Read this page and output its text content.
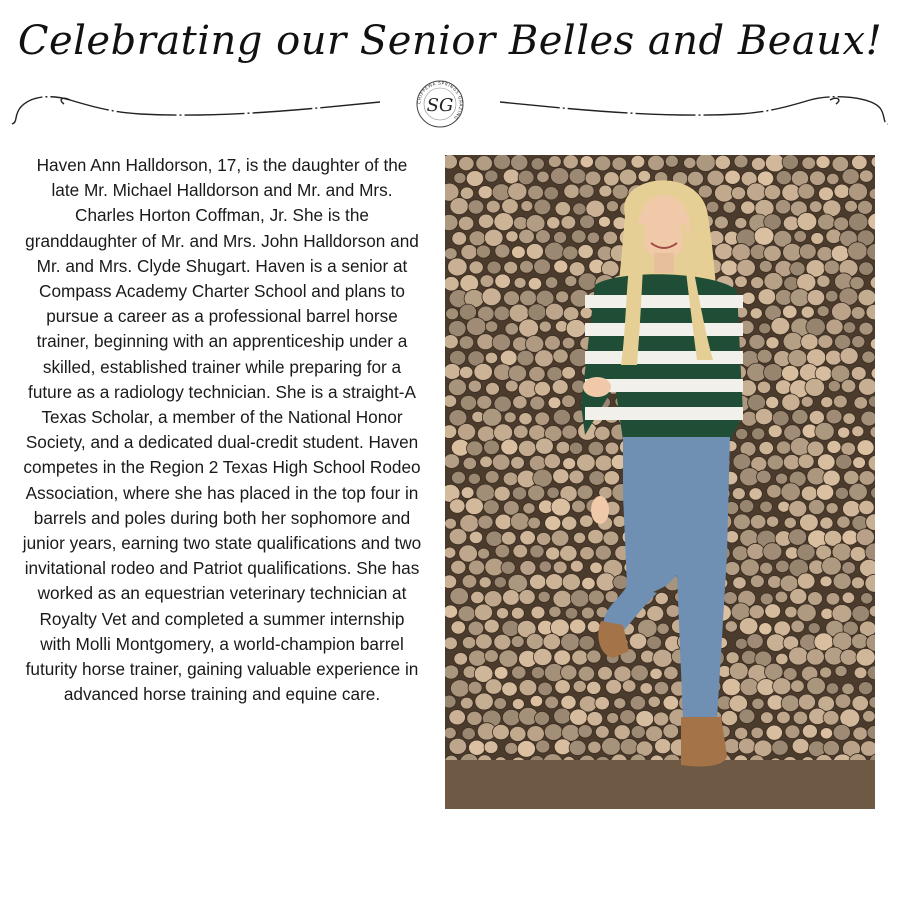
Celebrating our Senior Belles and Beaux!
CHIPPEWA SPRINGS GRAZING
SG
Haven Ann Halldorson, 17, is the daughter of the late Mr. Michael Halldorson and Mr. and Mrs. Charles Horton Coffman, Jr. She is the granddaughter of Mr. and Mrs. John Halldorson and Mr. and Mrs. Clyde Shugart. Haven is a senior at Compass Academy Charter School and plans to pursue a career as a professional barrel horse trainer, beginning with an apprenticeship under a skilled, established trainer while preparing for a future as a radiology technician. She is a straight-A Texas Scholar, a member of the National Honor Society, and a dedicated dual-credit student. Haven competes in the Region 2 Texas High School Rodeo Association, where she has placed in the top four in barrels and poles during both her sophomore and junior years, earning two state qualifications and two invitational rodeo and Patriot qualifications. She has worked as an equestrian veterinary technician at Royalty Vet and completed a summer internship with Molli Montgomery, a world-champion barrel futurity horse trainer, gaining valuable experience in advanced horse training and equine care.
